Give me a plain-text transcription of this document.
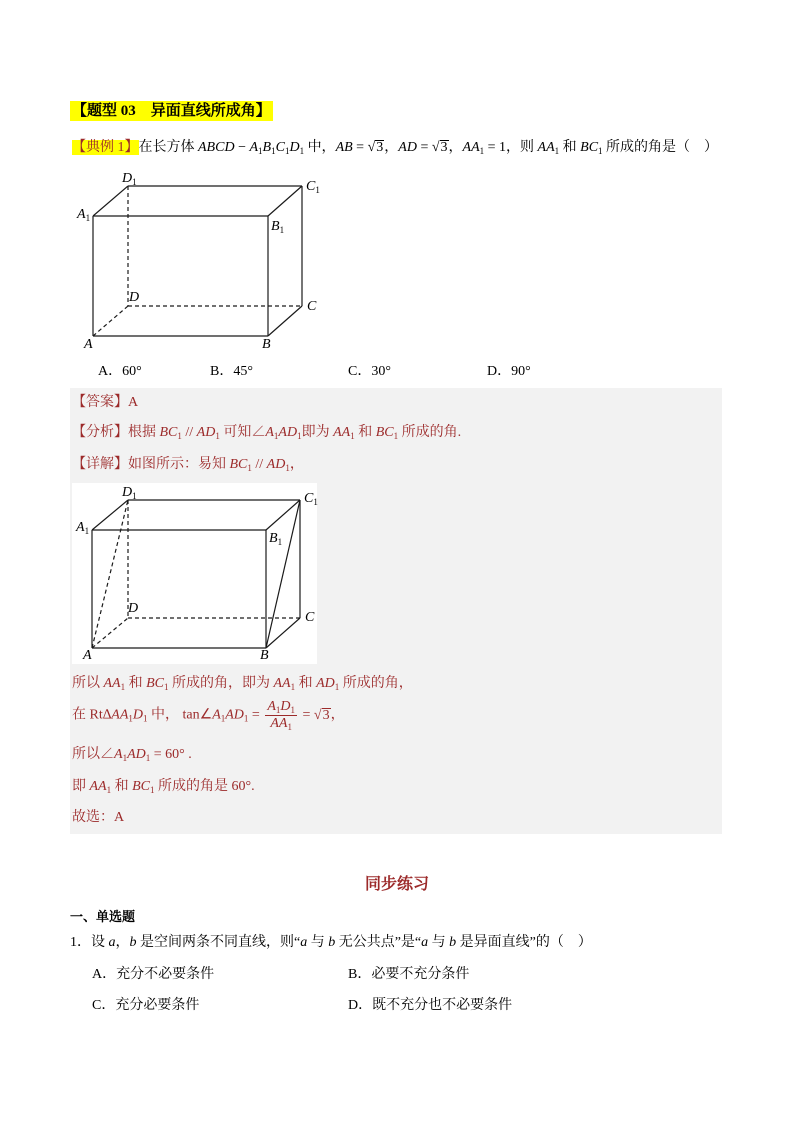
【题型 03　异面直线所成角】
【典例 1】在长方体 ABCD − $A_1B_1C_1D_1$ 中，AB = √3，AD = √3，$AA_1 = 1$，则 $AA_1$ 和 $BC_1$ 所成的角是（　）
$D_1$	$C_1$
$A_1$
$B_1$
D
C
A	B
A．60°	B．45°	C．30°	D．90°
【答案】A
【分析】根据 $BC_1 // AD_1$ 可知$\angle A_1AD_1$即为 $AA_1$ 和 $BC_1$ 所成的角.
【详解】如图所示：易知 $BC_1 // AD_1$，
$D_1$	$C_1$
$A_1$	$B_1$
D
C
A	B
所以 $AA_1$ 和 $BC_1$ 所成的角，即为 $AA_1$ 和 $AD_1$ 所成的角，
在 $Rt\Delta AA_1D_1$ 中， $\tan\angle A_1AD_1 = \frac{A_1D_1}{AA_1} = √3$，
所以$\angle A_1AD_1 = 60^\circ$ .
即 $AA_1$ 和 $BC_1$ 所成的角是 60°.
故选：A
同步练习
一、单选题
1．设 a，b 是空间两条不同直线，则“a 与 b 无公共点”是“a 与 b 是异面直线”的（　）
A．充分不必要条件	B．必要不充分条件
C．充分必要条件	D．既不充分也不必要条件
